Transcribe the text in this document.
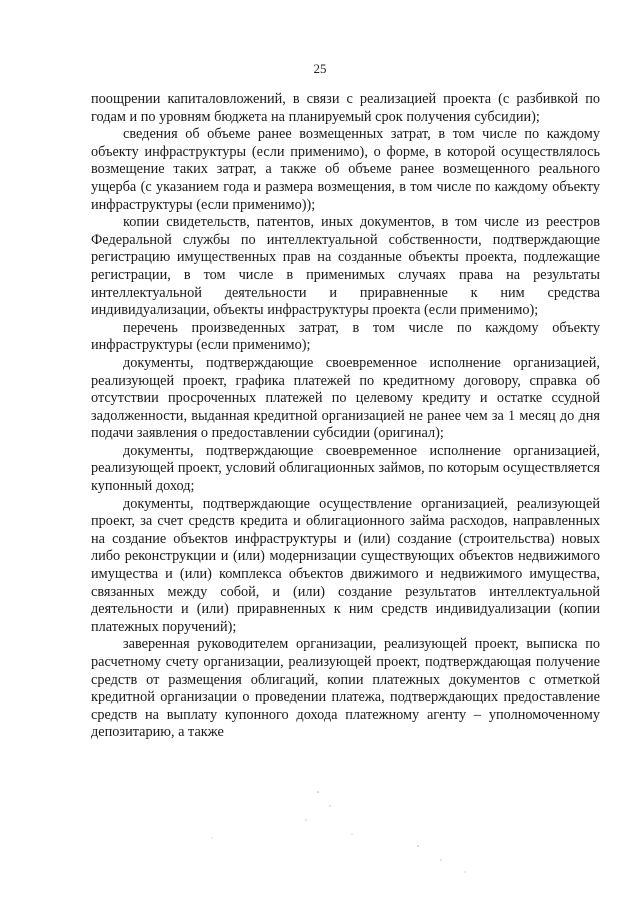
25

поощрении капиталовложений, в связи с реализацией проекта (с разбивкой по годам и по уровням бюджета на планируемый срок получения субсидии);

сведения об объеме ранее возмещенных затрат, в том числе по каждому объекту инфраструктуры (если применимо), о форме, в которой осуществлялось возмещение таких затрат, а также об объеме ранее возмещенного реального ущерба (с указанием года и размера возмещения, в том числе по каждому объекту инфраструктуры (если применимо));

копии свидетельств, патентов, иных документов, в том числе из реестров Федеральной службы по интеллектуальной собственности, подтверждающие регистрацию имущественных прав на созданные объекты проекта, подлежащие регистрации, в том числе в применимых случаях права на результаты интеллектуальной деятельности и приравненные к ним средства индивидуализации, объекты инфраструктуры проекта (если применимо);

перечень произведенных затрат, в том числе по каждому объекту инфраструктуры (если применимо);

документы, подтверждающие своевременное исполнение организацией, реализующей проект, графика платежей по кредитному договору, справка об отсутствии просроченных платежей по целевому кредиту и остатке ссудной задолженности, выданная кредитной организацией не ранее чем за 1 месяц до дня подачи заявления о предоставлении субсидии (оригинал);

документы, подтверждающие своевременное исполнение организацией, реализующей проект, условий облигационных займов, по которым осуществляется купонный доход;

документы, подтверждающие осуществление организацией, реализующей проект, за счет средств кредита и облигационного займа расходов, направленных на создание объектов инфраструктуры и (или) создание (строительства) новых либо реконструкции и (или) модернизации существующих объектов недвижимого имущества и (или) комплекса объектов движимого и недвижимого имущества, связанных между собой, и (или) создание результатов интеллектуальной деятельности и (или) приравненных к ним средств индивидуализации (копии платежных поручений);

заверенная руководителем организации, реализующей проект, выписка по расчетному счету организации, реализующей проект, подтверждающая получение средств от размещения облигаций, копии платежных документов с отметкой кредитной организации о проведении платежа, подтверждающих предоставление средств на выплату купонного дохода платежному агенту – уполномоченному депозитарию, а также
